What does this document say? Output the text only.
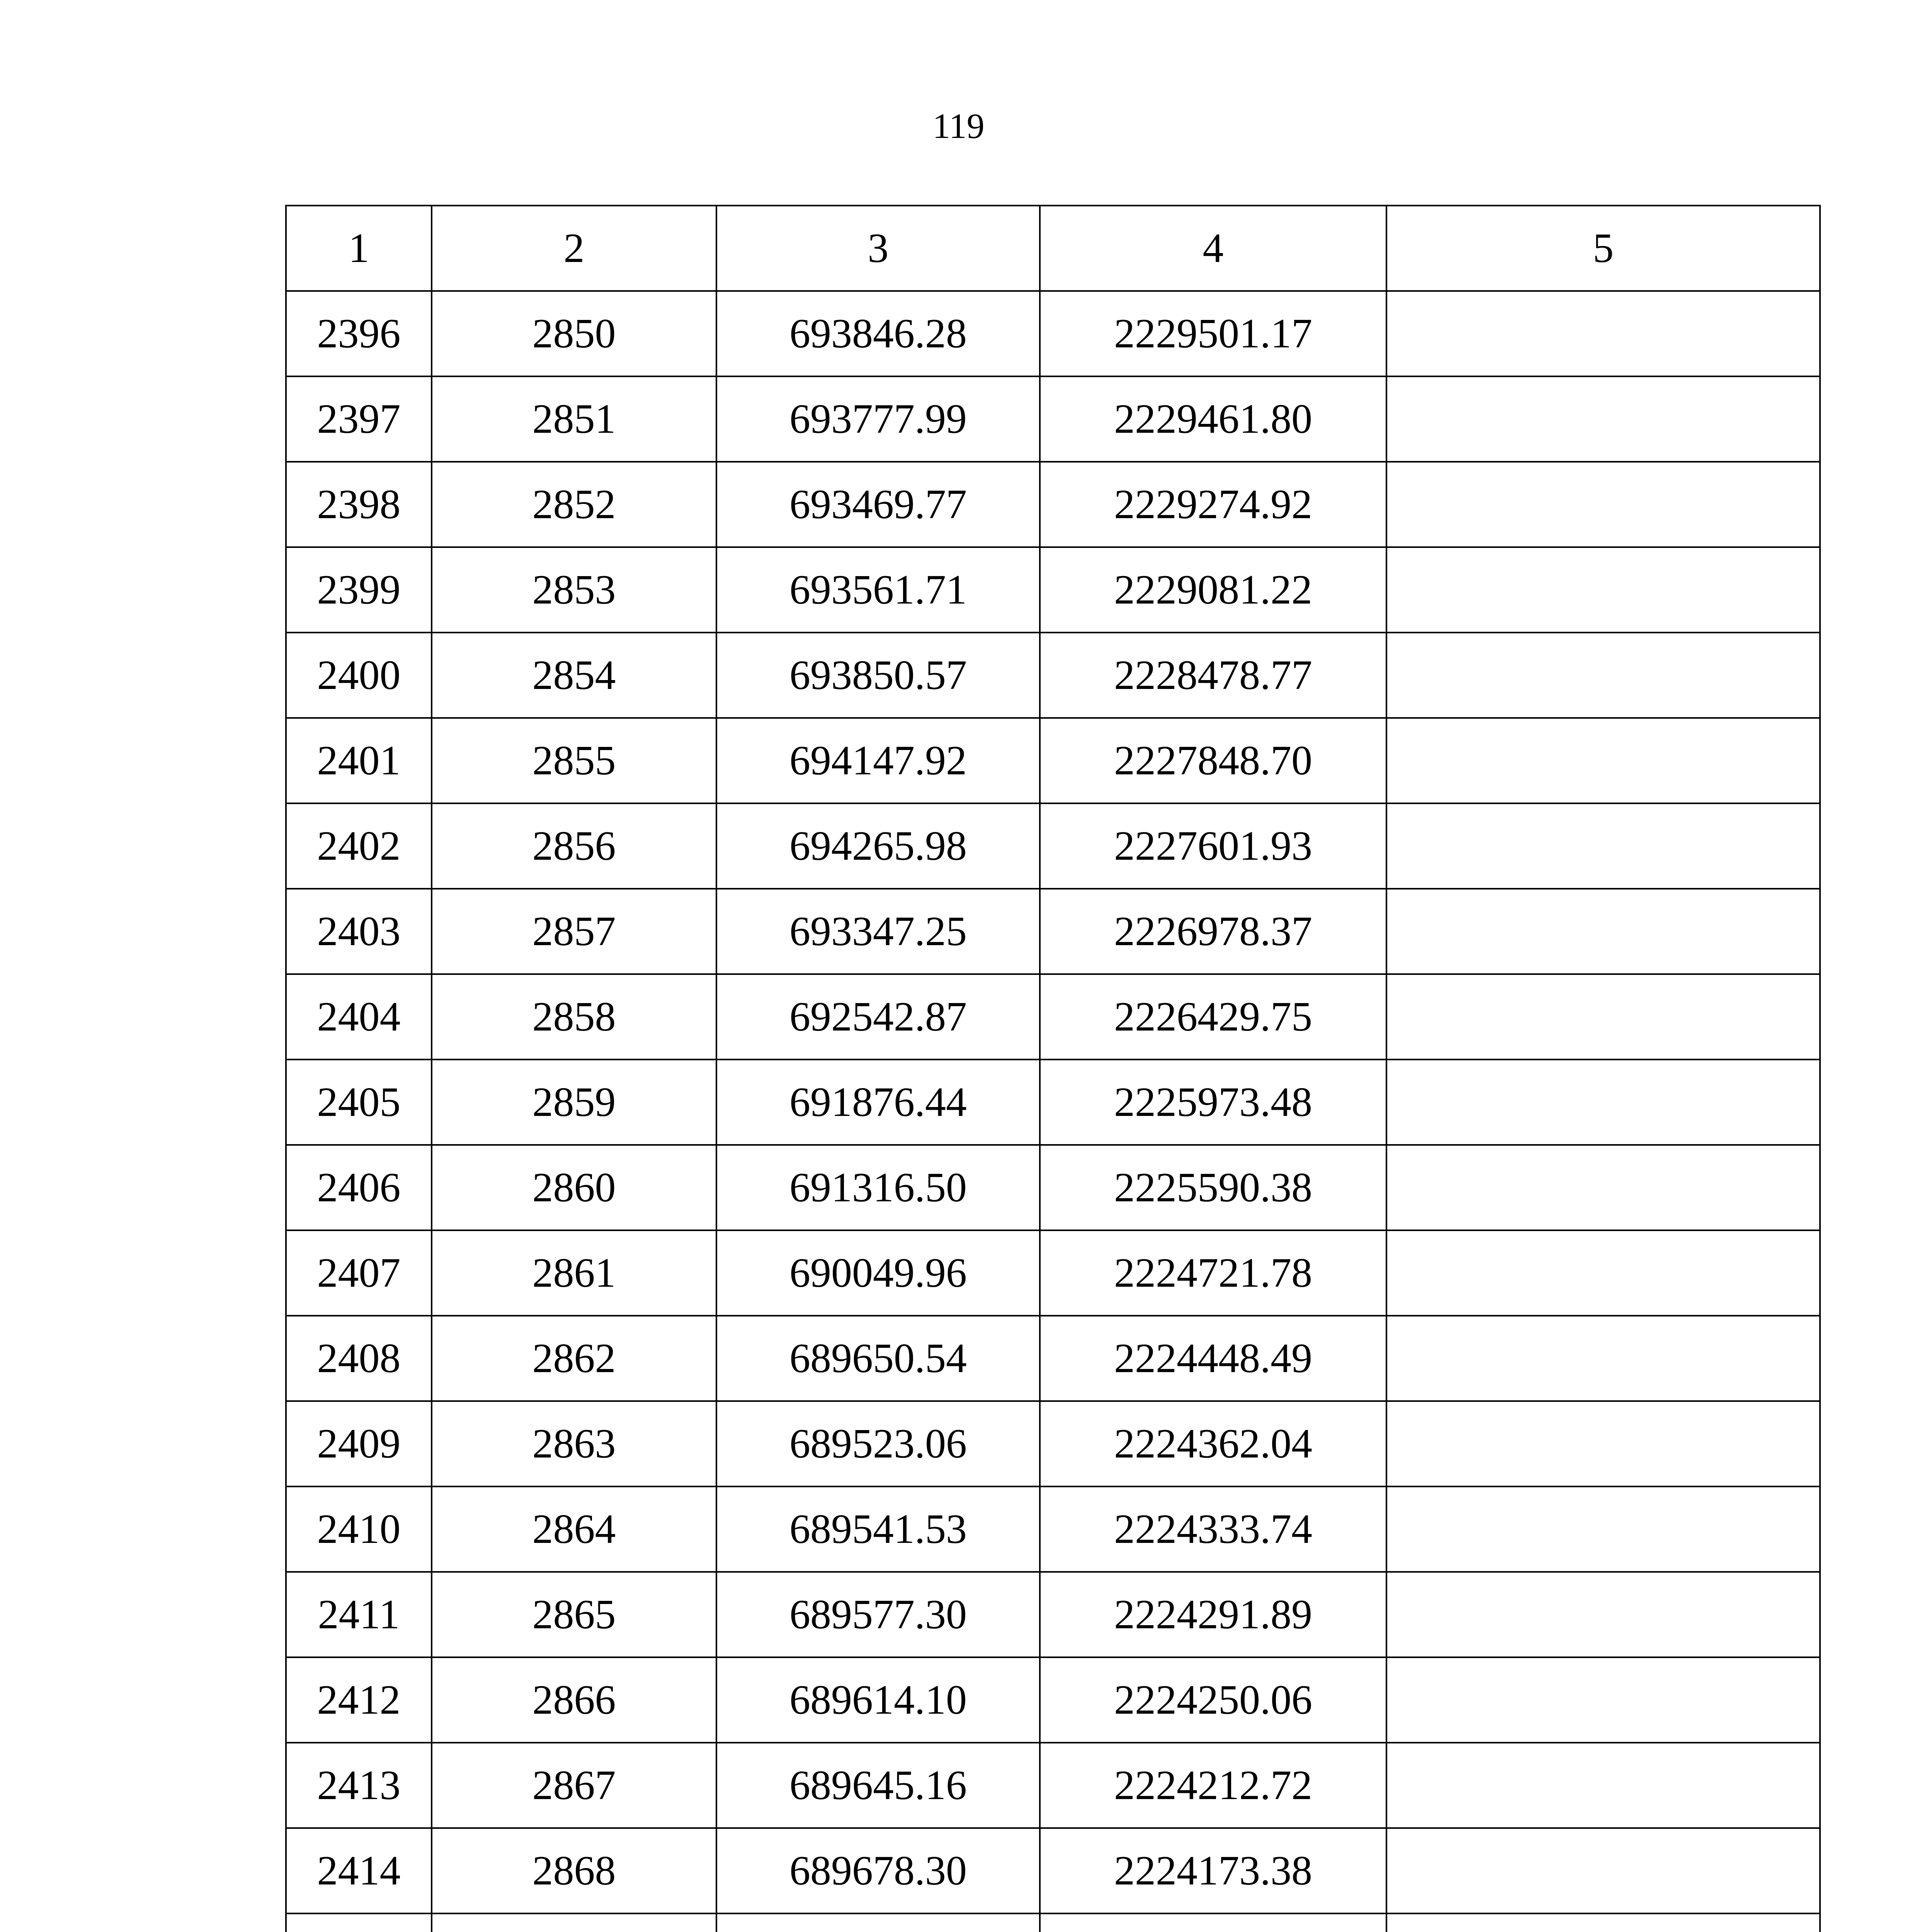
119
1	2	3	4	5
2396	2850	693846.28	2229501.17	
2397	2851	693777.99	2229461.80	
2398	2852	693469.77	2229274.92	
2399	2853	693561.71	2229081.22	
2400	2854	693850.57	2228478.77	
2401	2855	694147.92	2227848.70	
2402	2856	694265.98	2227601.93	
2403	2857	693347.25	2226978.37	
2404	2858	692542.87	2226429.75	
2405	2859	691876.44	2225973.48	
2406	2860	691316.50	2225590.38	
2407	2861	690049.96	2224721.78	
2408	2862	689650.54	2224448.49	
2409	2863	689523.06	2224362.04	
2410	2864	689541.53	2224333.74	
2411	2865	689577.30	2224291.89	
2412	2866	689614.10	2224250.06	
2413	2867	689645.16	2224212.72	
2414	2868	689678.30	2224173.38	
